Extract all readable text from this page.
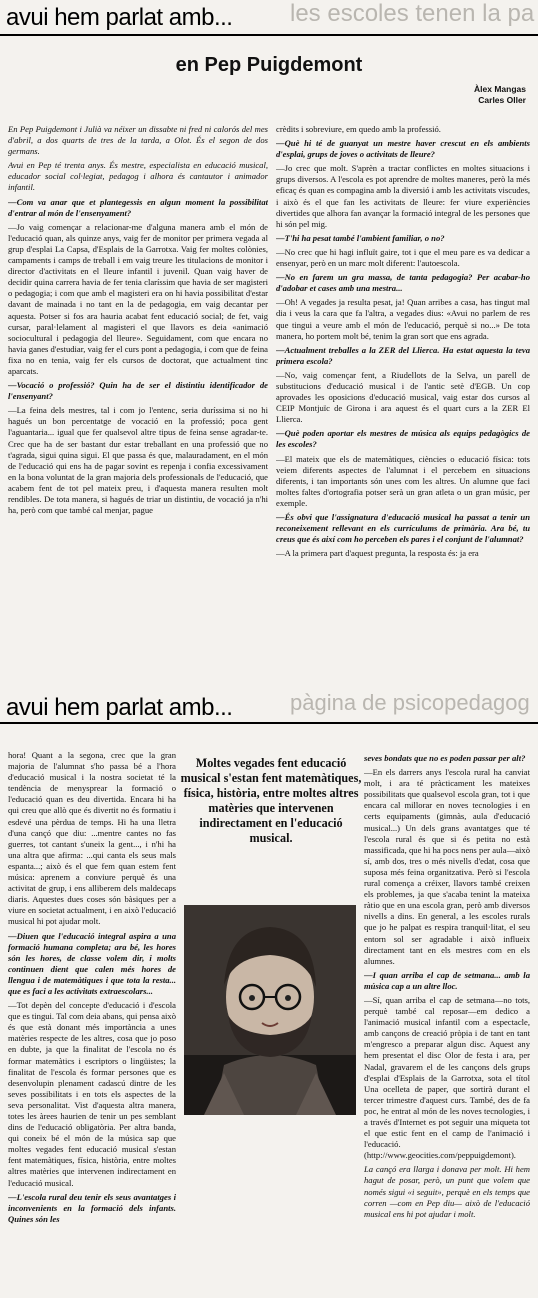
les escoles tenen la pa
avui hem parlat amb...
en Pep Puigdemont
Àlex Mangas
Carles Oller

En Pep Puigdemont i Julià va néixer un dissabte ni fred ni calorós del mes d'abril, a dos quarts de tres de la tarda, a Olot. És el segon de dos germans.

Avui en Pep té trenta anys. És mestre, especialista en educació musical, educador social col·legiat, pedagog i alhora és cantautor i animador infantil.

—Com va anar que et plantegessis en algun moment la possibilitat d'entrar al món de l'ensenyament?

—Jo vaig començar a relacionar-me d'alguna manera amb el món de l'educació quan, als quinze anys, vaig fer de monitor per primera vegada al grup d'esplai La Capsa, d'Esplais de la Garrotxa. Vaig fer moltes colònies, campaments i camps de treball i em vaig treure les titulacions de monitor i director d'activitats en el lleure infantil i juvenil. Quan vaig haver de decidir quina carrera havia de fer tenia claríssim que havia de ser magisteri o pedagogia; i com que amb el magisteri era on hi havia possibilitat d'estar davant de mainada i no tant en la de pedagogia, em vaig decantar per aquesta. Potser si fos ara hauria acabat fent educació social; de fet, vaig cursar, paral·lelament al magisteri el que llavors es deia «animació sociocultural i pedagogia del lleure». Seguidament, com que encara no havia ganes d'estudiar, vaig fer el curs pont a pedagogia, i com que de feina fixa no en tenia, vaig fer els cursos de doctorat, que actualment tinc aparcats.

—Vocació o professió? Quin ha de ser el distintiu identificador de l'ensenyant?

—La feina dels mestres, tal i com jo l'entenc, seria duríssima si no hi hagués un bon percentatge de vocació en la professió; poca gent l'aguantaria... igual que fer qualsevol altre tipus de feina sense agradar-te. Crec que ha de ser bastant dur estar treballant en una professió que no t'agrada, sigui quina sigui. El que passa és que, malauradament, en el món de l'educació qui ens ha de pagar sovint es repenja i confia excessivament en la bona voluntat de la gran majoria dels professionals de l'educació, que acabem fent de tot pel mateix preu, i d'aquesta manera resulten molt rendibles. De tota manera, si hagués de triar un distintiu, de vocació ja n'hi ha, però com que també cal menjar, pague

crèdits i sobreviure, em quedo amb la professió.

—Què hi té de guanyat un mestre haver crescut en els ambients d'esplai, grups de joves o activitats de lleure?

—Jo crec que molt. S'aprèn a tractar conflictes en moltes situacions i grups diversos. A l'escola es pot aprendre de moltes maneres, però la més eficaç és quan es compagina amb la diversió i amb les activitats viscudes, i això és el que fan les activitats de lleure: fer viure experiències divertides que alhora fan avançar la formació integral de les persones que hi són pel mig.

—T'hi ha pesat també l'ambient familiar, o no?

—No crec que hi hagi influït gaire, tot i que el meu pare es va dedicar a ensenyar, però en un marc molt diferent: l'autoescola.

—No en farem un gra massa, de tanta pedagogia? Per acabar-ho d'adobar et cases amb una mestra...

—Oh! A vegades ja resulta pesat, ja! Quan arribes a casa, has tingut mal dia i veus la cara que fa l'altra, a vegades dius: «Avui no parlem de res que tingui a veure amb el món de l'educació, perquè si no...» De tota manera, ho portem molt bé, tenim la gran sort que ens agrada.

—Actualment treballes a la ZER del Llierca. Ha estat aquesta la teva primera escola?

—No, vaig començar fent, a Riudellots de la Selva, un parell de substitucions d'educació musical i de l'antic setè d'EGB. Un cop aprovades les oposicions d'educació musical, vaig estar dos cursos al CEIP Montjuïc de Girona i ara aquest és el quart curs a la ZER El Llierca.

—Què poden aportar els mestres de música als equips pedagògics de les escoles?

—El mateix que els de matemàtiques, ciències o educació física: tots veiem diferents aspectes de l'alumnat i el percebem en situacions diferents, i tan importants són unes com les altres. Un alumne que faci moltes faltes d'ortografia potser serà un gran atleta o un gran músic, per exemple.

—És obvi que l'assignatura d'educació musical ha passat a tenir un reconeixement rellevant en els currículums de primària. Ara bé, tu creus que és així com ho perceben els pares i el conjunt de l'alumnat?

—A la primera part d'aquest pregunta, la resposta és: ja era

pàgina de psicopedagog
avui hem parlat amb...

hora! Quant a la segona, crec que la gran majoria de l'alumnat s'ho passa bé a l'hora d'educació musical i la nostra societat té la tendència de menysprear la formació o l'educació quan es deu divertida. Encara hi ha qui creu que allò que és divertit no és formatiu i esdevé una pèrdua de temps. Hi ha una lletra d'una cançó que diu: ...mentre cantes no fas guerres, tot cantant s'uneix la gent..., i n'hi ha una altra que afirma: ...qui canta els seus mals espanta...; això és el que fem quan estem fent música: aprenem a conviure perquè és una activitat de grup, i ens alliberem dels maldecaps diaris. Aquestes dues coses són bàsiques per a viure en societat actualment, i en això l'educació musical hi pot ajudar molt.

—Diuen que l'educació integral aspira a una formació humana completa; ara bé, les hores són les hores, de classe volem dir, i molts continuen dient que calen més hores de llengua i de matemàtiques i que tota la resta... que es faci a les activitats extraescolars...

—Tot depèn del concepte d'educació i d'escola que es tingui. Tal com deia abans, qui pensa això és que està donant més importància a unes matèries respecte de les altres, cosa que jo poso en dubte, ja que la finalitat de l'escola no és formar matemàtics i escriptors o lingüistes; la finalitat de l'escola és formar persones que es desenvolupin plenament cadascú dintre de les seves possibilitats i en tots els aspectes de la seva personalitat. Vist d'aquesta altra manera, totes les àrees haurien de tenir un pes semblant dins de l'educació obligatòria. Per altra banda, qui coneix bé el món de la música sap que moltes vegades fent educació musical s'estan fent matemàtiques, física, història, entre moltes altres matèries que intervenen indirectament en l'educació musical.

—L'escola rural deu tenir els seus avantatges i inconvenients en la formació dels infants. Quines són les

Moltes vegades fent educació musical s'estan fent matemàtiques, física, història, entre moltes altres matèries que intervenen indirectament en l'educació musical.

seves bondats que no es poden passar per alt?

—En els darrers anys l'escola rural ha canviat molt, i ara té pràcticament les mateixes possibilitats que qualsevol escola gran, tot i que encara cal millorar en noves tecnologies i en certs equipaments (gimnàs, aula d'educació musical...) Un dels grans avantatges que té l'escola rural és que si és petita no està massificada, que hi ha pocs nens per aula—això sí, amb dos, tres o més nivells d'edat, cosa que suposa més feina organitzativa. Però si l'escola rural comença a créixer, llavors també creixen els problemes, ja que s'acaba tenint la mateixa ràtio que en una escola gran, però amb diversos nivells a dins. En general, a les escoles rurals que jo he palpat es respira tranquil·litat, el seu entorn sol ser agradable i això influeix directament tant en els mestres com en els alumnes.

—I quan arriba el cap de setmana... amb la música cap a un altre lloc.

—Sí, quan arriba el cap de setmana—no tots, perquè també cal reposar—em dedico a l'animació musical infantil com a espectacle, amb cançons de creació pròpia i de tant en tant m'engresco a preparar algun disc. Aquest any hem presentat el disc Olor de festa i ara, per Nadal, gravarem el de les cançons dels grups d'esplai d'Esplais de la Garrotxa, sota el títol Una ocelleta de paper, que sortirà durant el tercer trimestre d'aquest curs. També, des de fa poc, he entrat al món de les noves tecnologies, i a través d'Internet es pot seguir una miqueta tot el que estic fent en el camp de l'animació i l'educació. (http://www.geocities.com/peppuigdemont).

La cançó era llarga i donava per molt. Hi hem hagut de posar, però, un punt que volem que només sigui «i seguit», perquè en els temps que corren —com en Pep diu— això de l'educació musical ens hi pot ajudar i molt.
